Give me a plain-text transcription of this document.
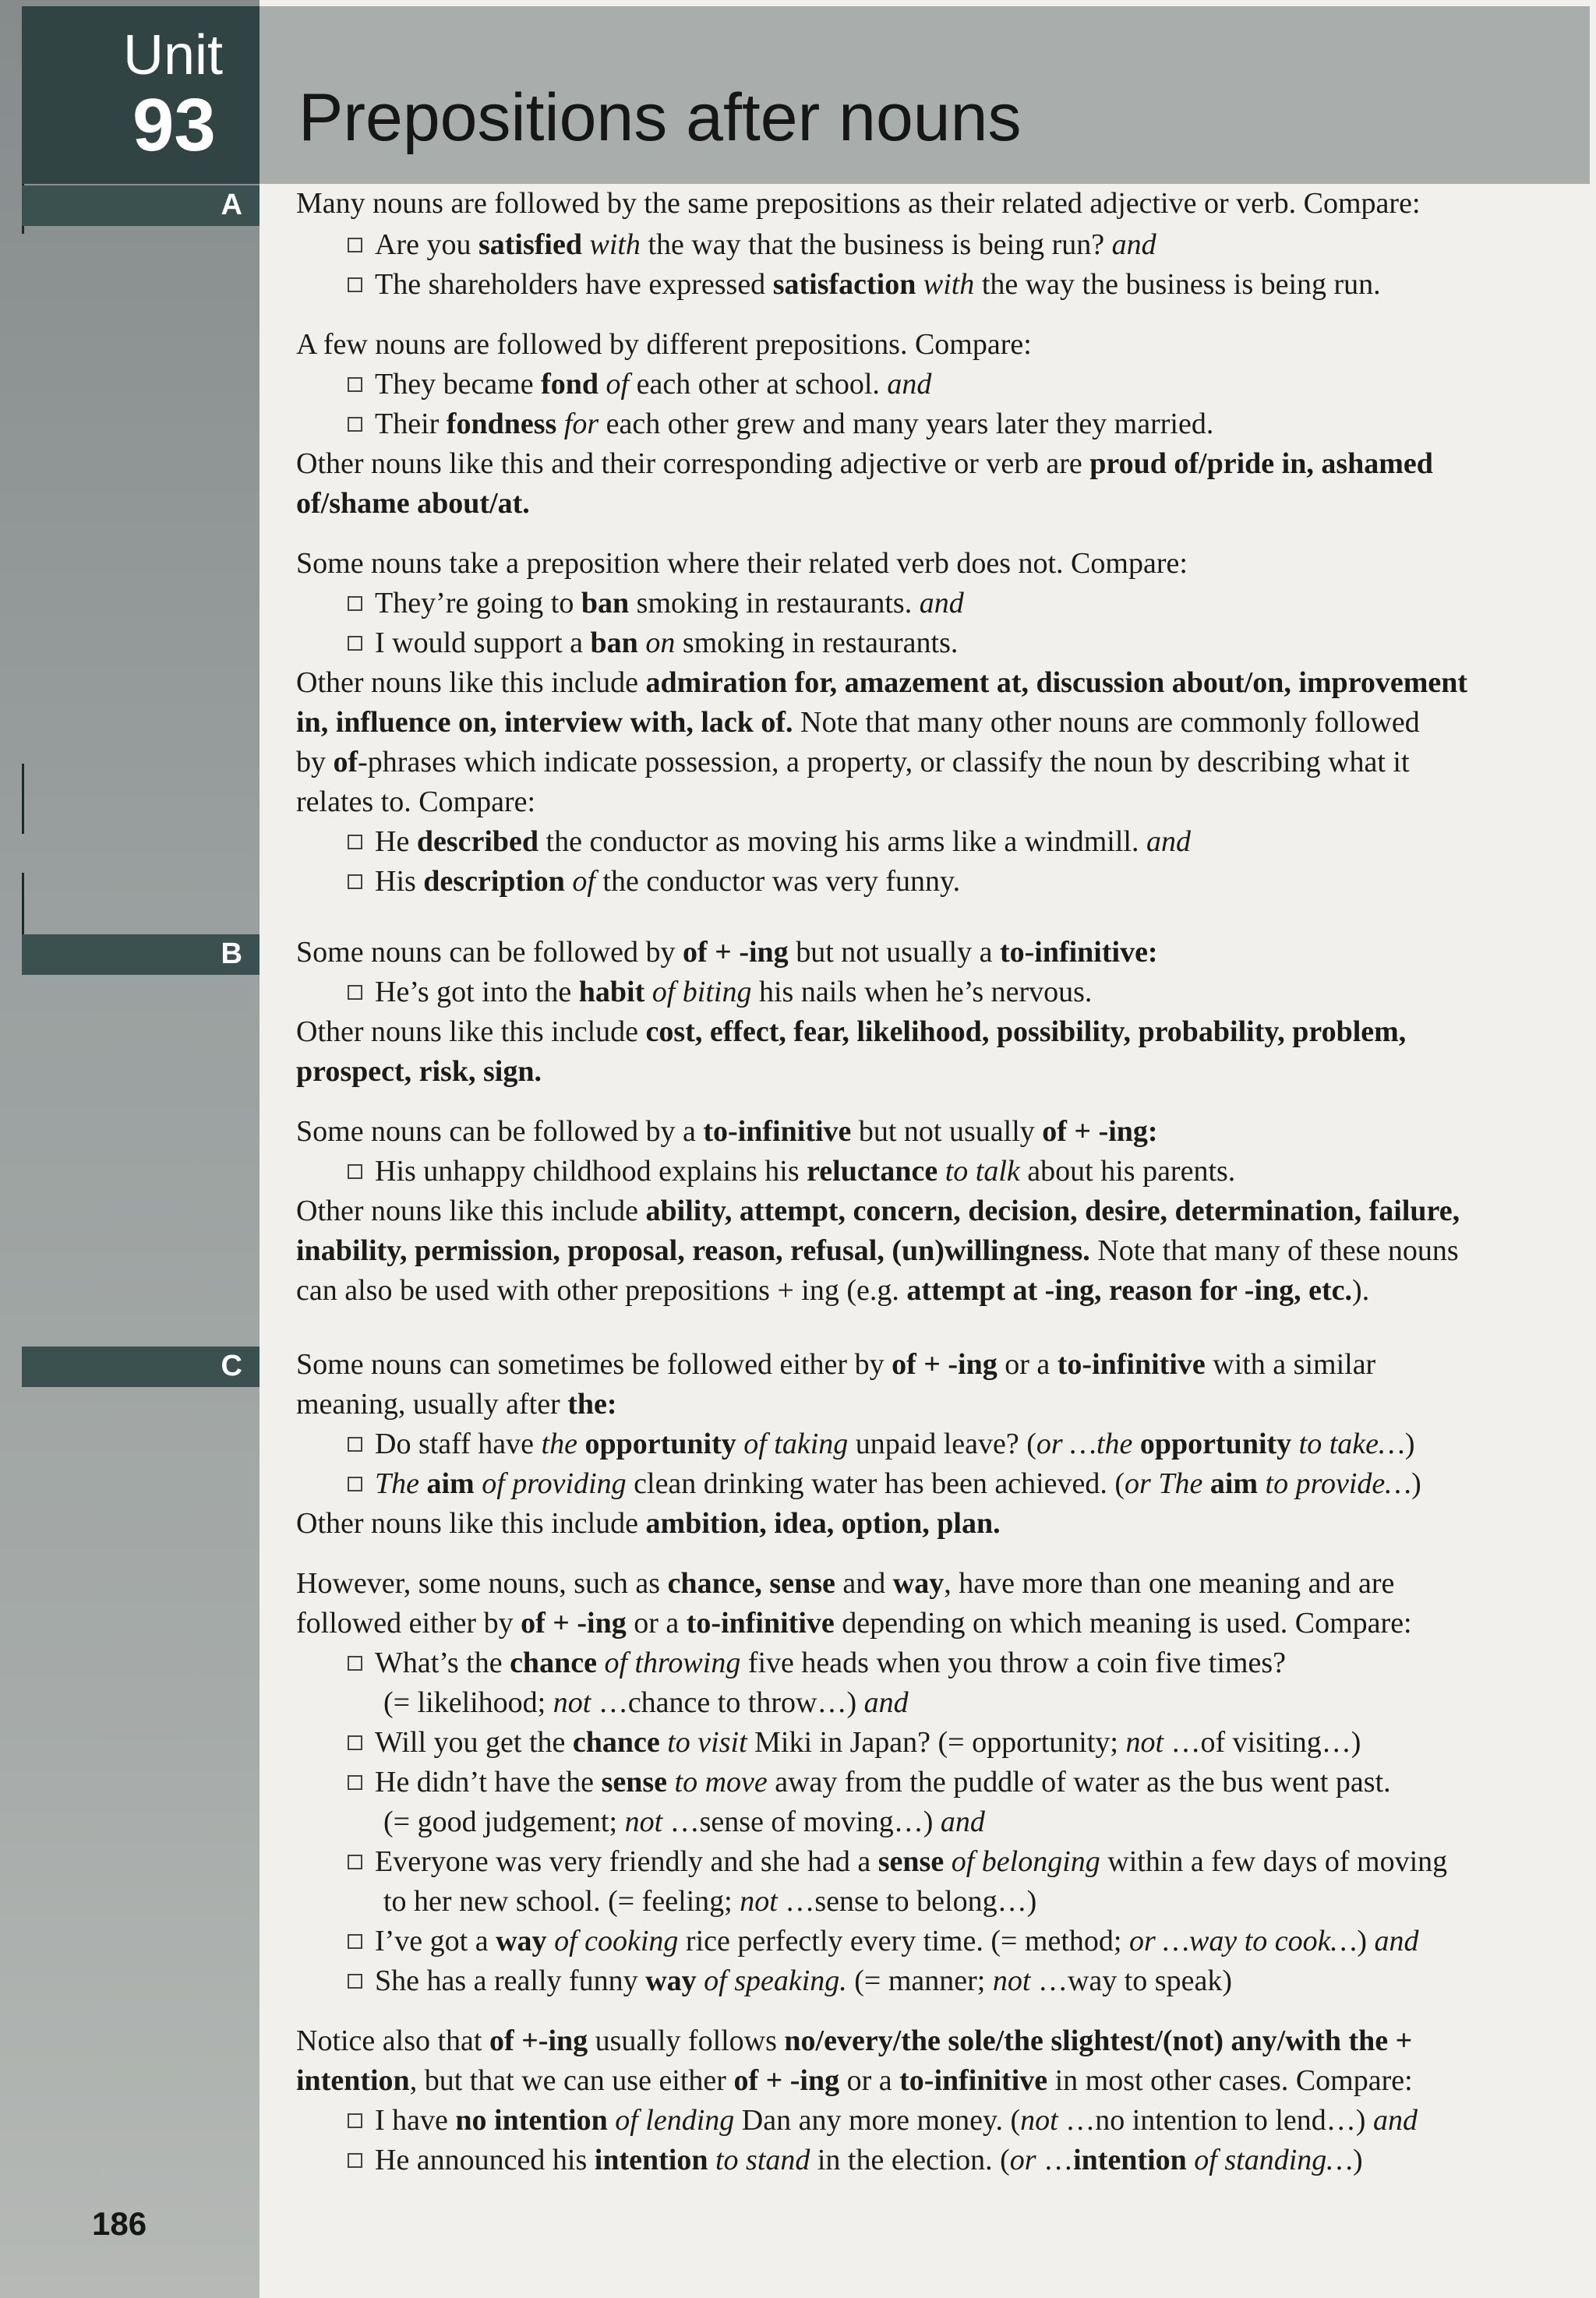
Unit
93 Prepositions after nouns
A
B
C
Many nouns are followed by the same prepositions as their related adjective or verb. Compare:
Are you satisfied with the way that the business is being run? and
The shareholders have expressed satisfaction with the way the business is being run.
A few nouns are followed by different prepositions. Compare:
They became fond of each other at school. and
Their fondness for each other grew and many years later they married.
Other nouns like this and their corresponding adjective or verb are proud of/pride in, ashamed
of/shame about/at.
Some nouns take a preposition where their related verb does not. Compare:
They’re going to ban smoking in restaurants. and
I would support a ban on smoking in restaurants.
Other nouns like this include admiration for, amazement at, discussion about/on, improvement
in, influence on, interview with, lack of. Note that many other nouns are commonly followed
by of-phrases which indicate possession, a property, or classify the noun by describing what it
relates to. Compare:
He described the conductor as moving his arms like a windmill. and
His description of the conductor was very funny.
Some nouns can be followed by of + -ing but not usually a to-infinitive:
He’s got into the habit of biting his nails when he’s nervous.
Other nouns like this include cost, effect, fear, likelihood, possibility, probability, problem,
prospect, risk, sign.
Some nouns can be followed by a to-infinitive but not usually of + -ing:
His unhappy childhood explains his reluctance to talk about his parents.
Other nouns like this include ability, attempt, concern, decision, desire, determination, failure,
inability, permission, proposal, reason, refusal, (un)willingness. Note that many of these nouns
can also be used with other prepositions + ing (e.g. attempt at -ing, reason for -ing, etc.).
Some nouns can sometimes be followed either by of + -ing or a to-infinitive with a similar
meaning, usually after the:
Do staff have the opportunity of taking unpaid leave? (or …the opportunity to take…)
The aim of providing clean drinking water has been achieved. (or The aim to provide…)
Other nouns like this include ambition, idea, option, plan.
However, some nouns, such as chance, sense and way, have more than one meaning and are
followed either by of + -ing or a to-infinitive depending on which meaning is used. Compare:
What’s the chance of throwing five heads when you throw a coin five times?
(= likelihood; not …chance to throw…) and
Will you get the chance to visit Miki in Japan? (= opportunity; not …of visiting…)
He didn’t have the sense to move away from the puddle of water as the bus went past.
(= good judgement; not …sense of moving…) and
Everyone was very friendly and she had a sense of belonging within a few days of moving
to her new school. (= feeling; not …sense to belong…)
I’ve got a way of cooking rice perfectly every time. (= method; or …way to cook…) and
She has a really funny way of speaking. (= manner; not …way to speak)
Notice also that of +-ing usually follows no/every/the sole/the slightest/(not) any/with the +
intention, but that we can use either of + -ing or a to-infinitive in most other cases. Compare:
I have no intention of lending Dan any more money. (not …no intention to lend…) and
He announced his intention to stand in the election. (or …intention of standing…)
186
